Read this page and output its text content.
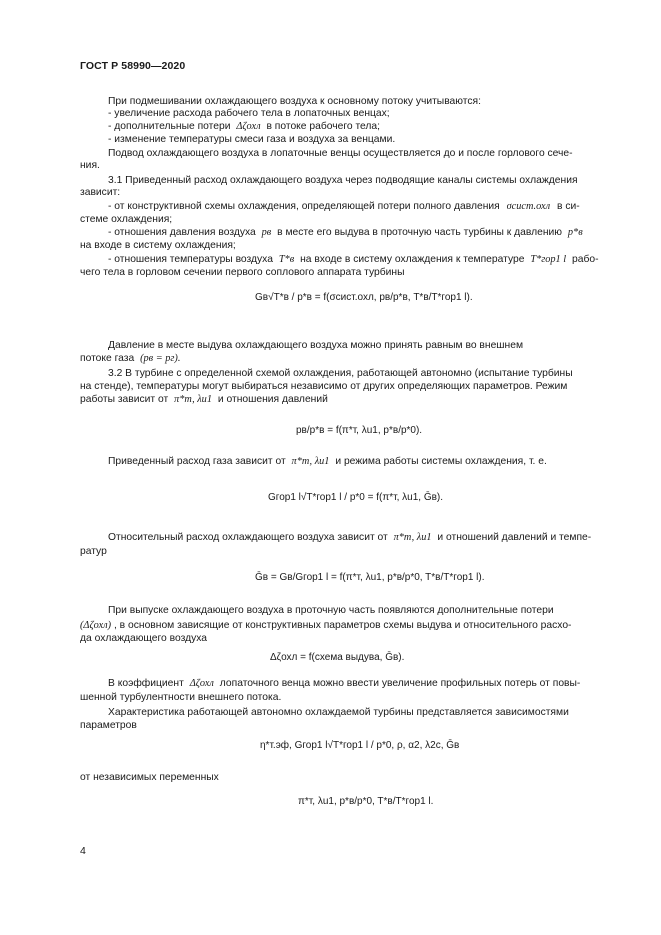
ГОСТ Р 58990—2020
При подмешивании охлаждающего воздуха к основному потоку учитываются:
- увеличение расхода рабочего тела в лопаточных венцах;
- дополнительные потери Δζохл в потоке рабочего тела;
- изменение температуры смеси газа и воздуха за венцами.
Подвод охлаждающего воздуха в лопаточные венцы осуществляется до и после горлового сече-
ния.
3.1 Приведенный расход охлаждающего воздуха через подводящие каналы системы охлаждения
зависит:
- от конструктивной схемы охлаждения, определяющей потери полного давления σсист.охл в си-
стеме охлаждения;
- отношения давления воздуха pв в месте его выдува в проточную часть турбины к давлению p*в
на входе в систему охлаждения;
- отношения температуры воздуха T*в на входе в систему охлаждения к температуре T*гор1 l рабо-
чего тела в горловом сечении первого соплового аппарата турбины
Gв√T*в / p*в = f(σсист.охл, pв/p*в, T*в/T*гор1 l).
Давление в месте выдува охлаждающего воздуха можно принять равным во внешнем
потоке газа (pв = pг).
3.2 В турбине с определенной схемой охлаждения, работающей автономно (испытание турбины
на стенде), температуры могут выбираться независимо от других определяющих параметров. Режим
работы зависит от π*т, λu1 и отношения давлений
pв/p*в = f(π*т, λu1, p*в/p*0).
Приведенный расход газа зависит от π*т, λu1 и режима работы системы охлаждения, т. е.
Gгор1 l√T*гор1 l / p*0 = f(π*т, λu1, Ḡв).
Относительный расход охлаждающего воздуха зависит от π*т, λu1 и отношений давлений и темпе-
ратур
Ḡв = Gв/Gгор1 l = f(π*т, λu1, p*в/p*0, T*в/T*гор1 l).
При выпуске охлаждающего воздуха в проточную часть появляются дополнительные потери
(Δζохл) , в основном зависящие от конструктивных параметров схемы выдува и относительного расхо-
да охлаждающего воздуха
Δζохл = f(схема выдува, Ḡв).
В коэффициент Δζохл лопаточного венца можно ввести увеличение профильных потерь от повы-
шенной турбулентности внешнего потока.
Характеристика работающей автономно охлаждаемой турбины представляется зависимостями
параметров
η*т.эф, Gгор1 l√T*гор1 l / p*0, ρ, α2, λ2c, Ḡв
от независимых переменных
π*т, λu1, p*в/p*0, T*в/T*гор1 l.
4
